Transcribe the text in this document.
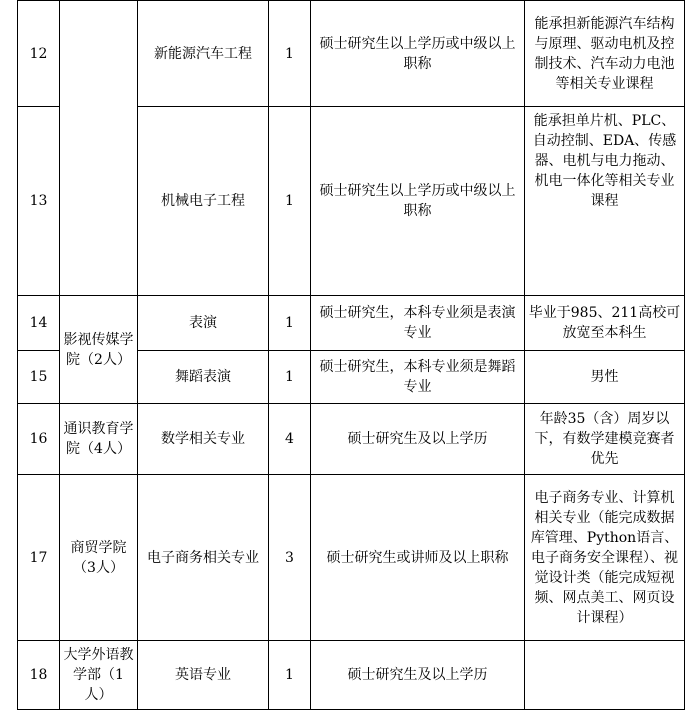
12		新能源汽车工程	1	硕士研究生以上学历或中级以上职称	能承担新能源汽车结构与原理、驱动电机及控制技术、汽车动力电池等相关专业课程
13		机械电子工程	1	硕士研究生以上学历或中级以上职称	能承担单片机、PLC、自动控制、EDA、传感器、电机与电力拖动、机电一体化等相关专业课程

14	影视传媒学院（2人）	表演	1	硕士研究生，本科专业须是表演专业	毕业于985、211高校可放宽至本科生
15		舞蹈表演	1	硕士研究生，本科专业须是舞蹈专业	男性
16	通识教育学院（4人）	数学相关专业	4	硕士研究生及以上学历	年龄35（含）周岁以下，有数学建模竞赛者优先
17	商贸学院（3人）	电子商务相关专业	3	硕士研究生或讲师及以上职称	电子商务专业、计算机相关专业（能完成数据库管理、Python语言、电子商务安全课程）、视觉设计类（能完成短视频、网点美工、网页设计课程）
18	大学外语教学部（1人）	英语专业	1	硕士研究生及以上学历	
